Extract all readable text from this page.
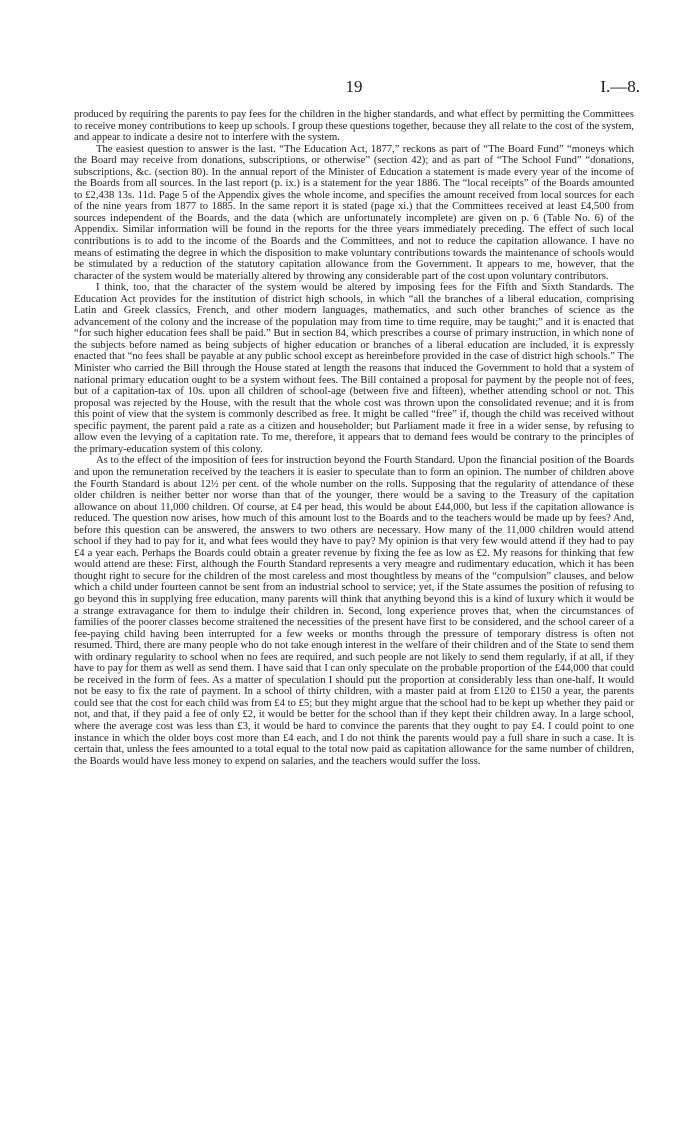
19	I.—8.

produced by requiring the parents to pay fees for the children in the higher standards, and what effect by permitting the Committees to receive money contributions to keep up schools. I group these questions together, because they all relate to the cost of the system, and appear to indicate a desire not to interfere with the system.

The easiest question to answer is the last. “The Education Act, 1877,” reckons as part of “The Board Fund” “moneys which the Board may receive from donations, subscriptions, or otherwise” (section 42); and as part of “The School Fund” “donations, subscriptions, &c. (section 80). In the annual report of the Minister of Education a statement is made every year of the income of the Boards from all sources. In the last report (p. ix.) is a statement for the year 1886. The “local receipts” of the Boards amounted to £2,438 13s. 11d. Page 5 of the Appendix gives the whole income, and specifies the amount received from local sources for each of the nine years from 1877 to 1885. In the same report it is stated (page xi.) that the Committees received at least £4,500 from sources independent of the Boards, and the data (which are unfortunately incomplete) are given on p. 6 (Table No. 6) of the Appendix. Similar information will be found in the reports for the three years immediately preceding. The effect of such local contributions is to add to the income of the Boards and the Committees, and not to reduce the capitation allowance. I have no means of estimating the degree in which the disposition to make voluntary contributions towards the maintenance of schools would be stimulated by a reduction of the statutory capitation allowance from the Government. It appears to me, however, that the character of the system would be materially altered by throwing any considerable part of the cost upon voluntary contributors.

I think, too, that the character of the system would be altered by imposing fees for the Fifth and Sixth Standards. The Education Act provides for the institution of district high schools, in which “all the branches of a liberal education, comprising Latin and Greek classics, French, and other modern languages, mathematics, and such other branches of science as the advancement of the colony and the increase of the population may from time to time require, may be taught;” and it is enacted that “for such higher education fees shall be paid.” But in section 84, which prescribes a course of primary instruction, in which none of the subjects before named as being subjects of higher education or branches of a liberal education are included, it is expressly enacted that “no fees shall be payable at any public school except as hereinbefore provided in the case of district high schools.” The Minister who carried the Bill through the House stated at length the reasons that induced the Government to hold that a system of national primary education ought to be a system without fees. The Bill contained a proposal for payment by the people not of fees, but of a capitation-tax of 10s. upon all children of school-age (between five and fifteen), whether attending school or not. This proposal was rejected by the House, with the result that the whole cost was thrown upon the consolidated revenue; and it is from this point of view that the system is commonly described as free. It might be called “free” if, though the child was received without specific payment, the parent paid a rate as a citizen and householder; but Parliament made it free in a wider sense, by refusing to allow even the levying of a capitation rate. To me, therefore, it appears that to demand fees would be contrary to the principles of the primary-education system of this colony.

As to the effect of the imposition of fees for instruction beyond the Fourth Standard. Upon the financial position of the Boards and upon the remuneration received by the teachers it is easier to speculate than to form an opinion. The number of children above the Fourth Standard is about 12½ per cent. of the whole number on the rolls. Supposing that the regularity of attendance of these older children is neither better nor worse than that of the younger, there would be a saving to the Treasury of the capitation allowance on about 11,000 children. Of course, at £4 per head, this would be about £44,000, but less if the capitation allowance is reduced. The question now arises, how much of this amount lost to the Boards and to the teachers would be made up by fees? And, before this question can be answered, the answers to two others are necessary. How many of the 11,000 children would attend school if they had to pay for it, and what fees would they have to pay? My opinion is that very few would attend if they had to pay £4 a year each. Perhaps the Boards could obtain a greater revenue by fixing the fee as low as £2. My reasons for thinking that few would attend are these: First, although the Fourth Standard represents a very meagre and rudimentary education, which it has been thought right to secure for the children of the most careless and most thoughtless by means of the “compulsion” clauses, and below which a child under fourteen cannot be sent from an industrial school to service; yet, if the State assumes the position of refusing to go beyond this in supplying free education, many parents will think that anything beyond this is a kind of luxury which it would be a strange extravagance for them to indulge their children in. Second, long experience proves that, when the circumstances of families of the poorer classes become straitened the necessities of the present have first to be considered, and the school career of a fee-paying child having been interrupted for a few weeks or months through the pressure of temporary distress is often not resumed. Third, there are many people who do not take enough interest in the welfare of their children and of the State to send them with ordinary regularity to school when no fees are required, and such people are not likely to send them regularly, if at all, if they have to pay for them as well as send them. I have said that I can only speculate on the probable proportion of the £44,000 that could be received in the form of fees. As a matter of speculation I should put the proportion at considerably less than one-half. It would not be easy to fix the rate of payment. In a school of thirty children, with a master paid at from £120 to £150 a year, the parents could see that the cost for each child was from £4 to £5; but they might argue that the school had to be kept up whether they paid or not, and that, if they paid a fee of only £2, it would be better for the school than if they kept their children away. In a large school, where the average cost was less than £3, it would be hard to convince the parents that they ought to pay £4. I could point to one instance in which the older boys cost more than £4 each, and I do not think the parents would pay a full share in such a case. It is certain that, unless the fees amounted to a total equal to the total now paid as capitation allowance for the same number of children, the Boards would have less money to expend on salaries, and the teachers would suffer the loss.
